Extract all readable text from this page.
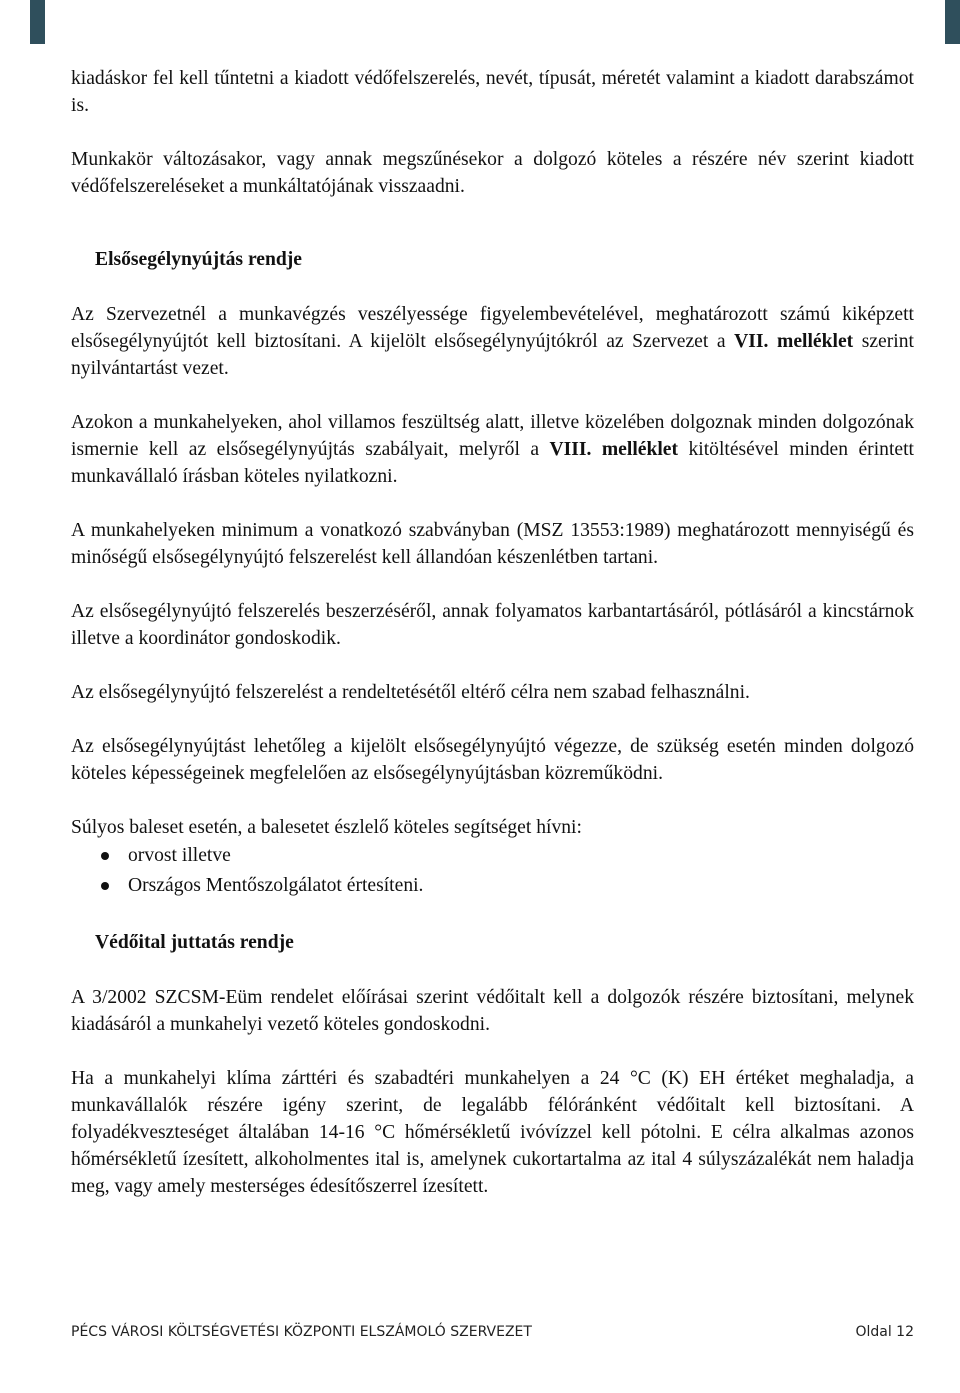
kiadáskor fel kell tűntetni a kiadott védőfelszerelés, nevét, típusát, méretét valamint a kiadott darabszámot is.

Munkakör változásakor, vagy annak megszűnésekor a dolgozó köteles a részére név szerint kiadott védőfelszereléseket a munkáltatójának visszaadni.

Elsősegélynyújtás rendje

Az Szervezetnél a munkavégzés veszélyessége figyelembevételével, meghatározott számú kiképzett elsősegélynyújtót kell biztosítani. A kijelölt elsősegélynyújtókról az Szervezet a VII. melléklet szerint nyilvántartást vezet.

Azokon a munkahelyeken, ahol villamos feszültség alatt, illetve közelében dolgoznak minden dolgozónak ismernie kell az elsősegélynyújtás szabályait, melyről a VIII. melléklet kitöltésével minden érintett munkavállaló írásban köteles nyilatkozni.

A munkahelyeken minimum a vonatkozó szabványban (MSZ 13553:1989) meghatározott mennyiségű és minőségű elsősegélynyújtó felszerelést kell állandóan készenlétben tartani.

Az elsősegélynyújtó felszerelés beszerzéséről, annak folyamatos karbantartásáról, pótlásáról a kincstárnok illetve a koordinátor gondoskodik.

Az elsősegélynyújtó felszerelést a rendeltetésétől eltérő célra nem szabad felhasználni.

Az elsősegélynyújtást lehetőleg a kijelölt elsősegélynyújtó végezze, de szükség esetén minden dolgozó köteles képességeinek megfelelően az elsősegélynyújtásban közreműködni.

Súlyos baleset esetén, a balesetet észlelő köteles segítséget hívni:

orvost illetve
Országos Mentőszolgálatot értesíteni.
Védőital juttatás rendje

A 3/2002 SZCSM-Eüm rendelet előírásai szerint védőitalt kell a dolgozók részére biztosítani, melynek kiadásáról a munkahelyi vezető köteles gondoskodni.

Ha a munkahelyi klíma zárttéri és szabadtéri munkahelyen a 24 °C (K) EH értéket meghaladja, a munkavállalók részére igény szerint, de legalább félóránként védőitalt kell biztosítani. A folyadékveszteséget általában 14-16 °C hőmérsékletű ivóvízzel kell pótolni. E célra alkalmas azonos hőmérsékletű ízesített, alkoholmentes ital is, amelynek cukortartalma az ital 4 súlyszázalékát nem haladja meg, vagy amely mesterséges édesítőszerrel ízesített.

PÉCS VÁROSI KÖLTSÉGVETÉSI KÖZPONTI ELSZÁMOLÓ SZERVEZET	Oldal 12
